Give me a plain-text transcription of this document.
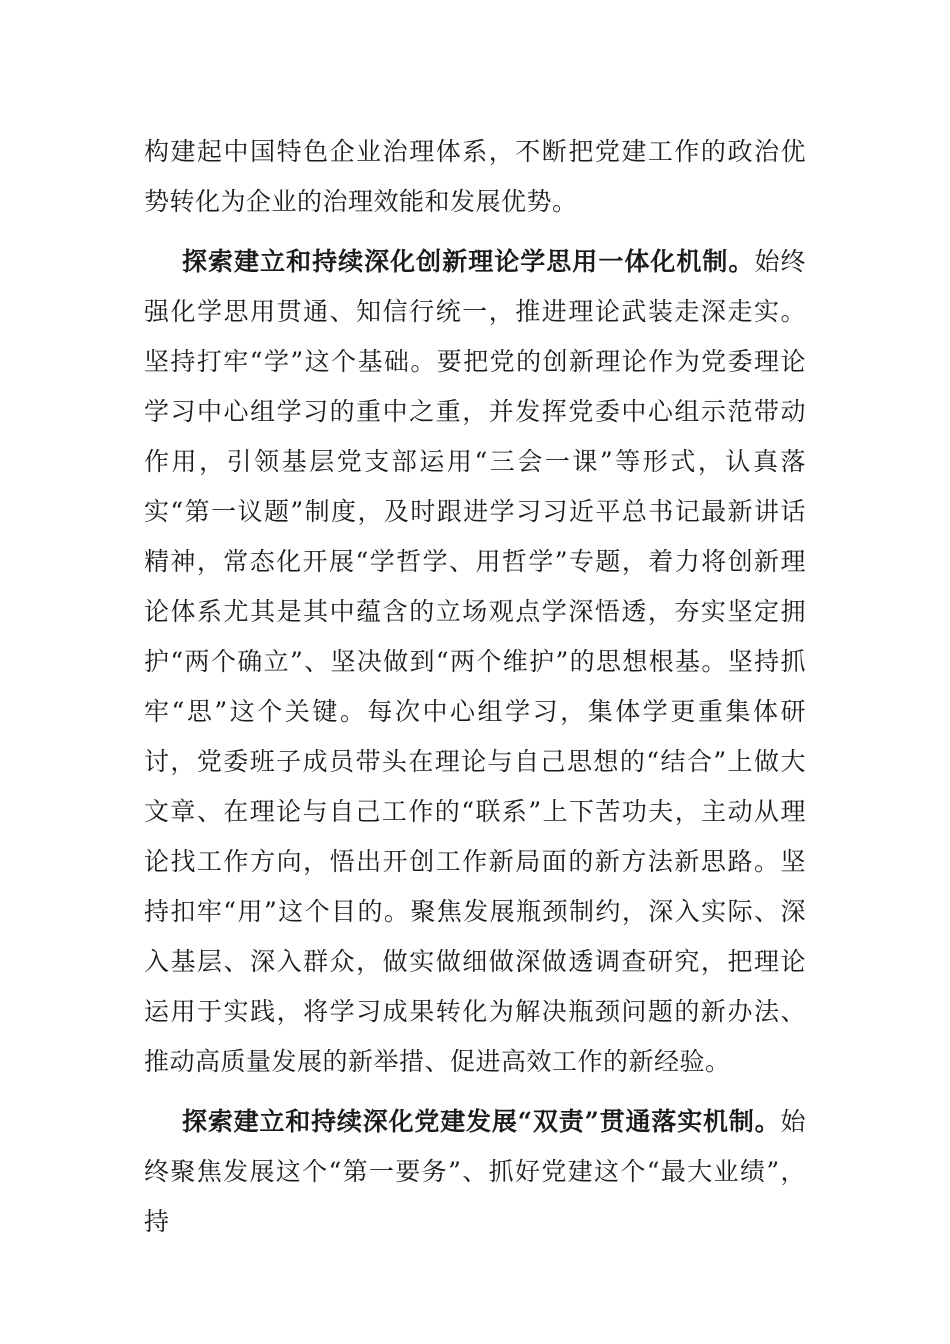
构建起中国特色企业治理体系，不断把党建工作的政治优势转化为企业的治理效能和发展优势。

探索建立和持续深化创新理论学思用一体化机制。始终强化学思用贯通、知信行统一，推进理论武装走深走实。坚持打牢“学”这个基础。要把党的创新理论作为党委理论学习中心组学习的重中之重，并发挥党委中心组示范带动作用，引领基层党支部运用“三会一课”等形式，认真落实“第一议题”制度，及时跟进学习习近平总书记最新讲话精神，常态化开展“学哲学、用哲学”专题，着力将创新理论体系尤其是其中蕴含的立场观点学深悟透，夯实坚定拥护“两个确立”、坚决做到“两个维护”的思想根基。坚持抓牢“思”这个关键。每次中心组学习，集体学更重集体研讨，党委班子成员带头在理论与自己思想的“结合”上做大文章、在理论与自己工作的“联系”上下苦功夫，主动从理论找工作方向，悟出开创工作新局面的新方法新思路。坚持扣牢“用”这个目的。聚焦发展瓶颈制约，深入实际、深入基层、深入群众，做实做细做深做透调查研究，把理论运用于实践，将学习成果转化为解决瓶颈问题的新办法、推动高质量发展的新举措、促进高效工作的新经验。

探索建立和持续深化党建发展“双责”贯通落实机制。始终聚焦发展这个“第一要务”、抓好党建这个“最大业绩”，持
